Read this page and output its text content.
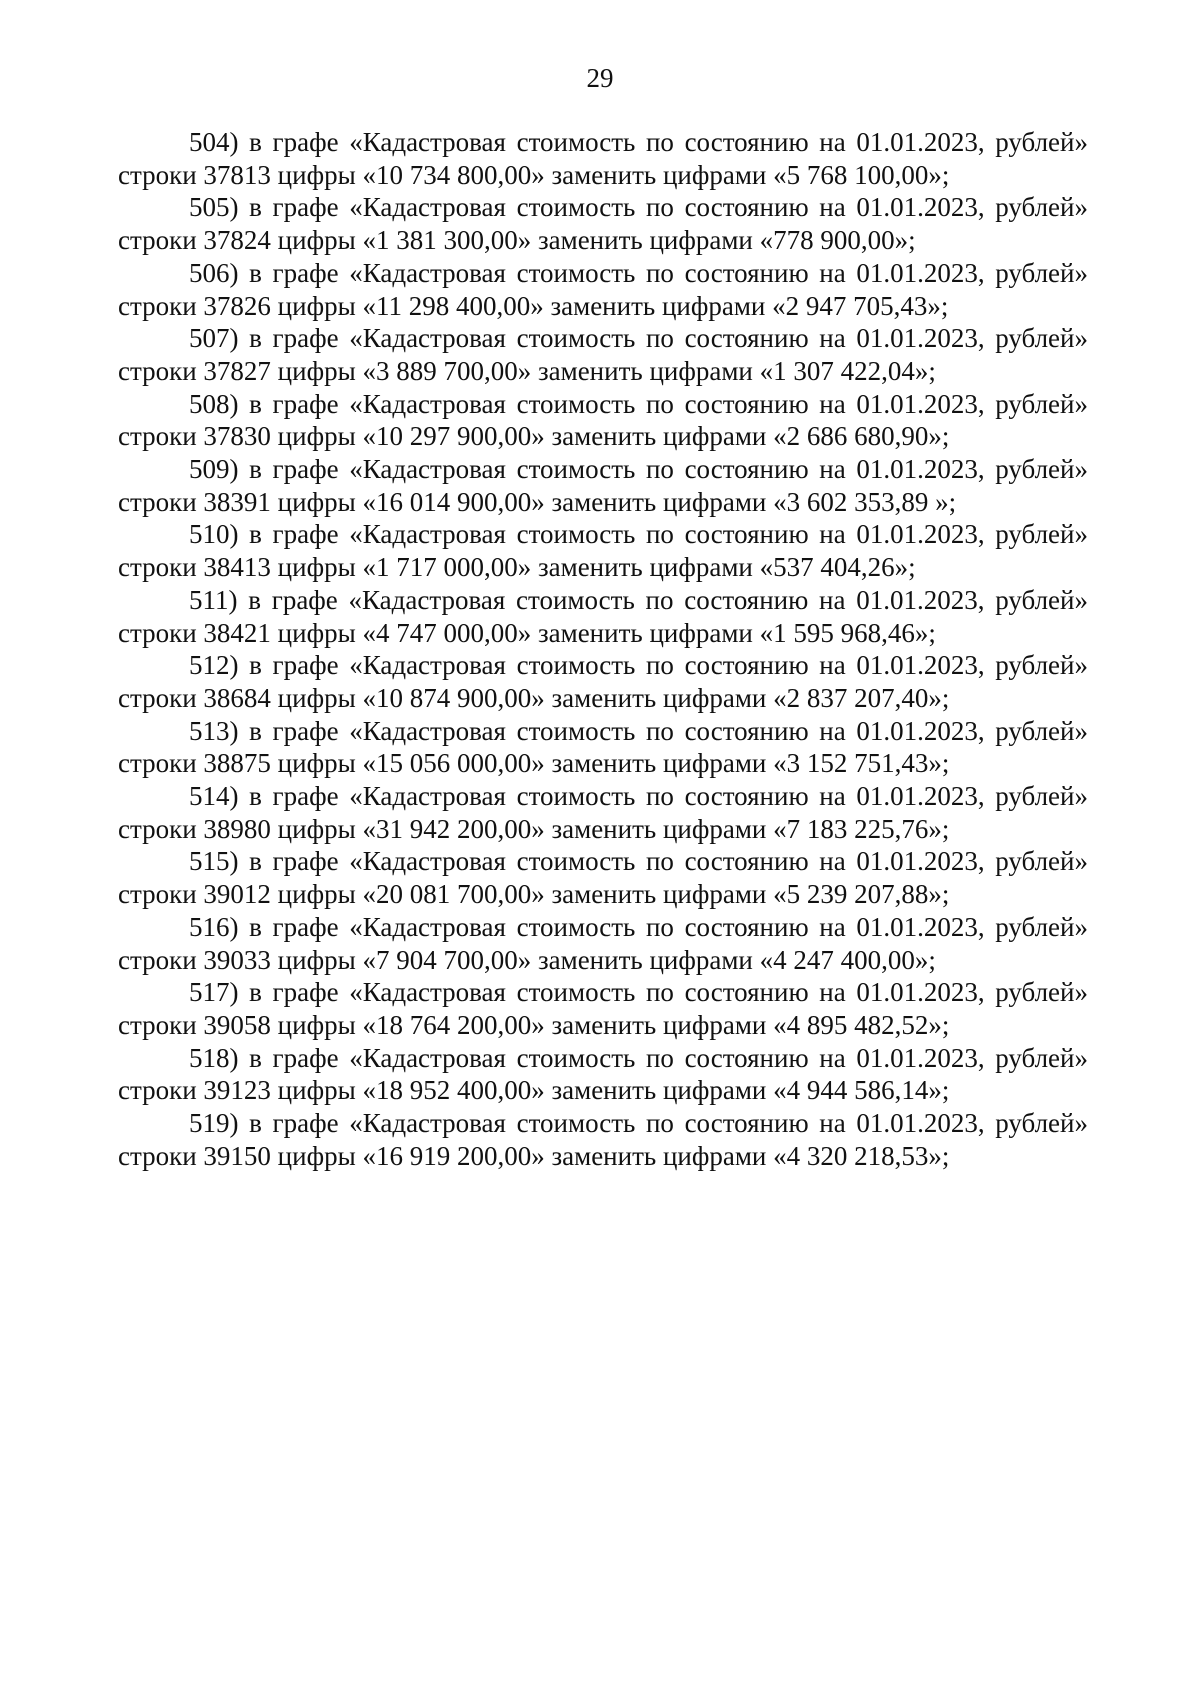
29

504) в графе «Кадастровая стоимость по состоянию на 01.01.2023, рублей» строки 37813 цифры «10 734 800,00» заменить цифрами «5 768 100,00»;

505) в графе «Кадастровая стоимость по состоянию на 01.01.2023, рублей» строки 37824 цифры «1 381 300,00» заменить цифрами «778 900,00»;

506) в графе «Кадастровая стоимость по состоянию на 01.01.2023, рублей» строки 37826 цифры «11 298 400,00» заменить цифрами «2 947 705,43»;

507) в графе «Кадастровая стоимость по состоянию на 01.01.2023, рублей» строки 37827 цифры «3 889 700,00» заменить цифрами «1 307 422,04»;

508) в графе «Кадастровая стоимость по состоянию на 01.01.2023, рублей» строки 37830 цифры «10 297 900,00» заменить цифрами «2 686 680,90»;

509) в графе «Кадастровая стоимость по состоянию на 01.01.2023, рублей» строки 38391 цифры «16 014 900,00» заменить цифрами «3 602 353,89 »;

510) в графе «Кадастровая стоимость по состоянию на 01.01.2023, рублей» строки 38413 цифры «1 717 000,00» заменить цифрами «537 404,26»;

511) в графе «Кадастровая стоимость по состоянию на 01.01.2023, рублей» строки 38421 цифры «4 747 000,00» заменить цифрами «1 595 968,46»;

512) в графе «Кадастровая стоимость по состоянию на 01.01.2023, рублей» строки 38684 цифры «10 874 900,00» заменить цифрами «2 837 207,40»;

513) в графе «Кадастровая стоимость по состоянию на 01.01.2023, рублей» строки 38875 цифры «15 056 000,00» заменить цифрами «3 152 751,43»;

514) в графе «Кадастровая стоимость по состоянию на 01.01.2023, рублей» строки 38980 цифры «31 942 200,00» заменить цифрами «7 183 225,76»;

515) в графе «Кадастровая стоимость по состоянию на 01.01.2023, рублей» строки 39012 цифры «20 081 700,00» заменить цифрами «5 239 207,88»;

516) в графе «Кадастровая стоимость по состоянию на 01.01.2023, рублей» строки 39033 цифры «7 904 700,00» заменить цифрами «4 247 400,00»;

517) в графе «Кадастровая стоимость по состоянию на 01.01.2023, рублей» строки 39058 цифры «18 764 200,00» заменить цифрами «4 895 482,52»;

518) в графе «Кадастровая стоимость по состоянию на 01.01.2023, рублей» строки 39123 цифры «18 952 400,00» заменить цифрами «4 944 586,14»;

519) в графе «Кадастровая стоимость по состоянию на 01.01.2023, рублей» строки 39150 цифры «16 919 200,00» заменить цифрами «4 320 218,53»;
